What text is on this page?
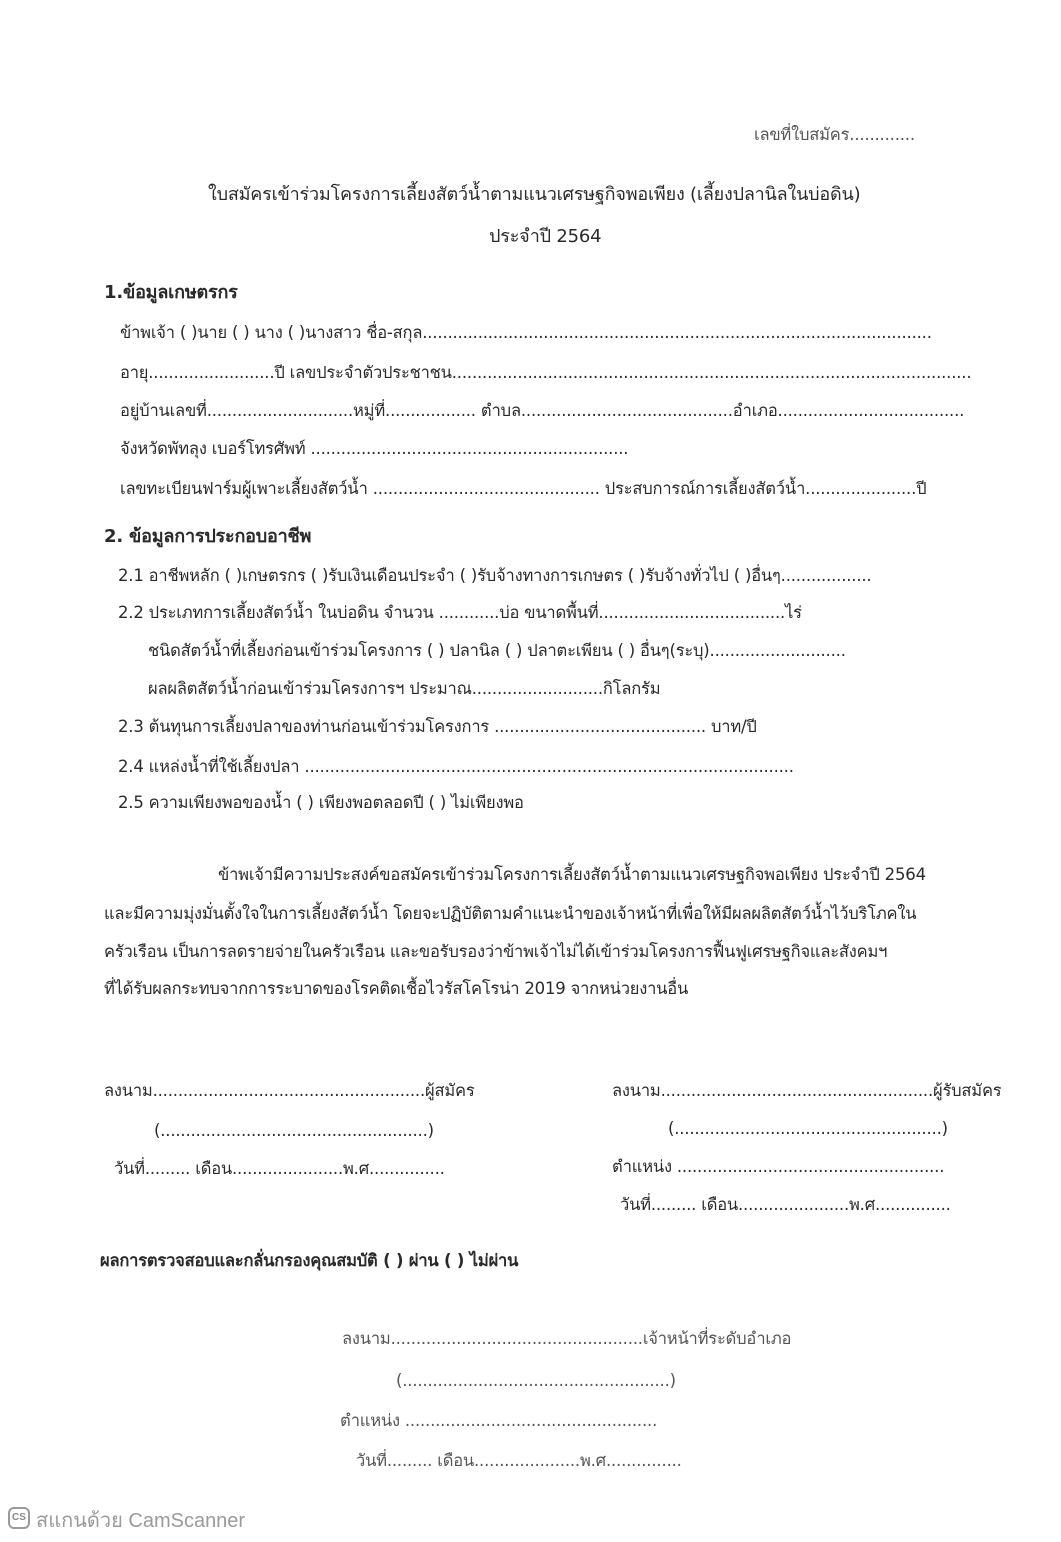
เลขที่ใบสมัคร.............
ใบสมัครเข้าร่วมโครงการเลี้ยงสัตว์น้ำตามแนวเศรษฐกิจพอเพียง (เลี้ยงปลานิลในบ่อดิน)
ประจำปี 2564
1.ข้อมูลเกษตรกร
ข้าพเจ้า ( )นาย ( ) นาง ( )นางสาว ชื่อ-สกุล.....................................................................................................
อายุ.........................ปี เลขประจำตัวประชาชน.......................................................................................................
อยู่บ้านเลขที่.............................หมู่ที่.................. ตำบล..........................................อำเภอ.....................................
จังหวัดพัทลุง เบอร์โทรศัพท์ ...............................................................
เลขทะเบียนฟาร์มผู้เพาะเลี้ยงสัตว์น้ำ ............................................. ประสบการณ์การเลี้ยงสัตว์น้ำ......................ปี
2. ข้อมูลการประกอบอาชีพ
2.1 อาชีพหลัก ( )เกษตรกร ( )รับเงินเดือนประจำ ( )รับจ้างทางการเกษตร ( )รับจ้างทั่วไป ( )อื่นๆ..................
2.2 ประเภทการเลี้ยงสัตว์น้ำ ในบ่อดิน จำนวน ............บ่อ ขนาดพื้นที่.....................................ไร่
ชนิดสัตว์น้ำที่เลี้ยงก่อนเข้าร่วมโครงการ ( ) ปลานิล ( ) ปลาตะเพียน ( ) อื่นๆ(ระบุ)...........................
ผลผลิตสัตว์น้ำก่อนเข้าร่วมโครงการฯ ประมาณ..........................กิโลกรัม
2.3 ต้นทุนการเลี้ยงปลาของท่านก่อนเข้าร่วมโครงการ .......................................... บาท/ปี
2.4 แหล่งน้ำที่ใช้เลี้ยงปลา .................................................................................................
2.5 ความเพียงพอของน้ำ ( ) เพียงพอตลอดปี ( ) ไม่เพียงพอ
ข้าพเจ้ามีความประสงค์ขอสมัครเข้าร่วมโครงการเลี้ยงสัตว์น้ำตามแนวเศรษฐกิจพอเพียง ประจำปี 2564
และมีความมุ่งมั่นตั้งใจในการเลี้ยงสัตว์น้ำ โดยจะปฏิบัติตามคำแนะนำของเจ้าหน้าที่เพื่อให้มีผลผลิตสัตว์น้ำไว้บริโภคใน
ครัวเรือน เป็นการลดรายจ่ายในครัวเรือน และขอรับรองว่าข้าพเจ้าไม่ได้เข้าร่วมโครงการฟื้นฟูเศรษฐกิจและสังคมฯ
ที่ได้รับผลกระทบจากการระบาดของโรคติดเชื้อไวรัสโคโรน่า 2019 จากหน่วยงานอื่น
ลงนาม......................................................ผู้สมัคร
(.....................................................)
วันที่......... เดือน......................พ.ศ...............
ลงนาม......................................................ผู้รับสมัคร
(.....................................................)
ตำแหน่ง .....................................................
วันที่......... เดือน......................พ.ศ...............
ผลการตรวจสอบและกลั่นกรองคุณสมบัติ ( ) ผ่าน ( ) ไม่ผ่าน
ลงนาม..................................................เจ้าหน้าที่ระดับอำเภอ
(.....................................................)
ตำแหน่ง ..................................................
วันที่......... เดือน.....................พ.ศ...............
CS สแกนด้วย CamScanner
